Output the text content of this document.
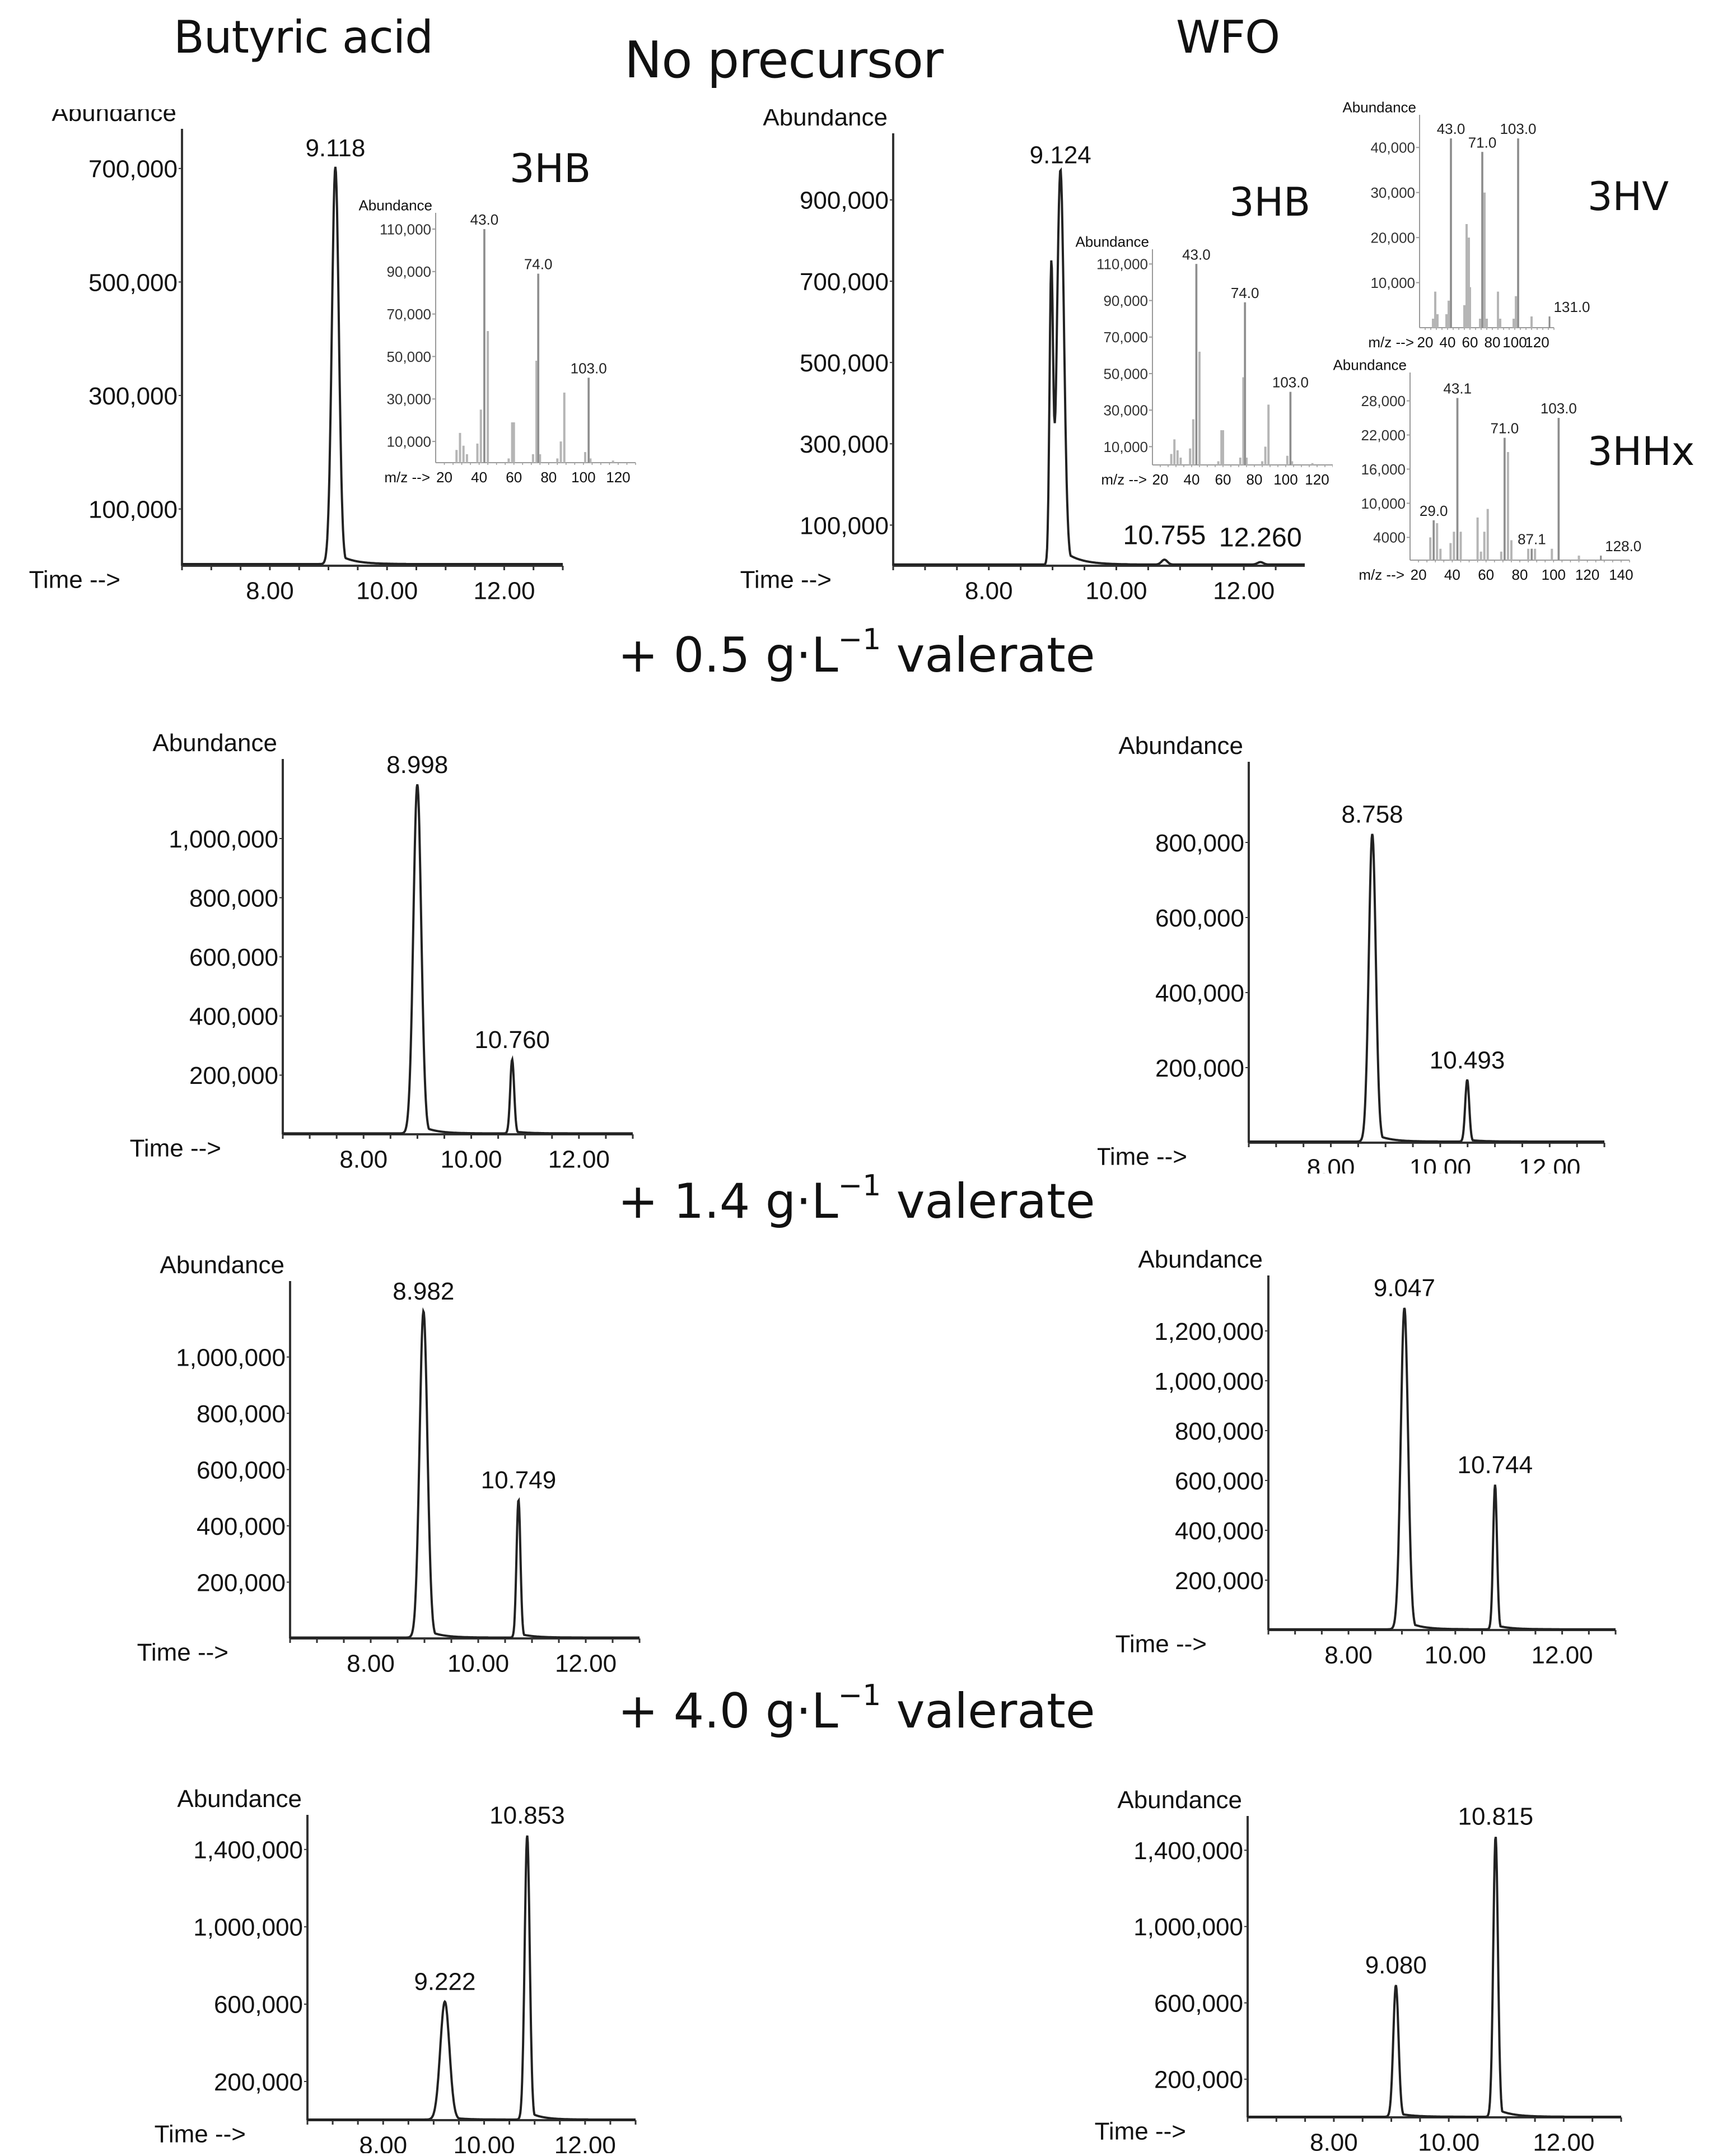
Butyric acid	No precursor	WFO
+ 0.5 $g\cdot L^{-1}$ valerate
+ 1.4 $g\cdot L^{-1}$ valerate
+ 4.0 $g\cdot L^{-1}$ valerate
3HB
3HB	3HV
3HHx
100,000
300,000
500,000
700,000
8.00	10.00 12.00
Abundance
Time -->
9.118
10,000
30,000
50,000
70,000
90,000
110,000
20 40 60 80 100 120
Abundance
m/z -->
43.0
74.0
103.0
100,000
300,000
500,000
700,000
900,000
8.00	10.00	12.00
Abundance
Time -->
9.124
10.755 12.260
10,000
30,000
50,000
70,000
90,000
110,000
20 40 60 80 100 120
Abundance
m/z -->
43.0
74.0
103.0
10,000
20,000
30,000
40,000
20 40 60 80 100
120
Abundance
m/z -->
43.0
71.0
103.0
131.0
4000
10,000
16,000
22,000
28,000
20 40 60 80 100 120 140
Abundance
m/z -->
29.0
43.1
71.0
87.1
103.0
128.0
200,000
400,000
600,000
800,000
1,000,000
8.00 10.00 12.00
Abundance
Time -->
8.998
10.760
200,000
400,000
600,000
800,000
8.00 10.00 12.00
Abundance
Time -->
8.758
10.493
200,000
400,000
600,000
800,000
1,000,000
8.00 10.00 12.00
Abundance
Time -->
8.982
10.749
200,000
400,000
600,000
800,000
1,000,000
1,200,000
8.00 10.00 12.00
Abundance
Time -->
9.047
10.744
200,000
600,000
1,000,000
1,400,000
8.00 10.00 12.00
Abundance
Time -->
9.222
10.853
200,000
600,000
1,000,000
1,400,000
8.00 10.00 12.00
Abundance
Time -->
9.080
10.815
